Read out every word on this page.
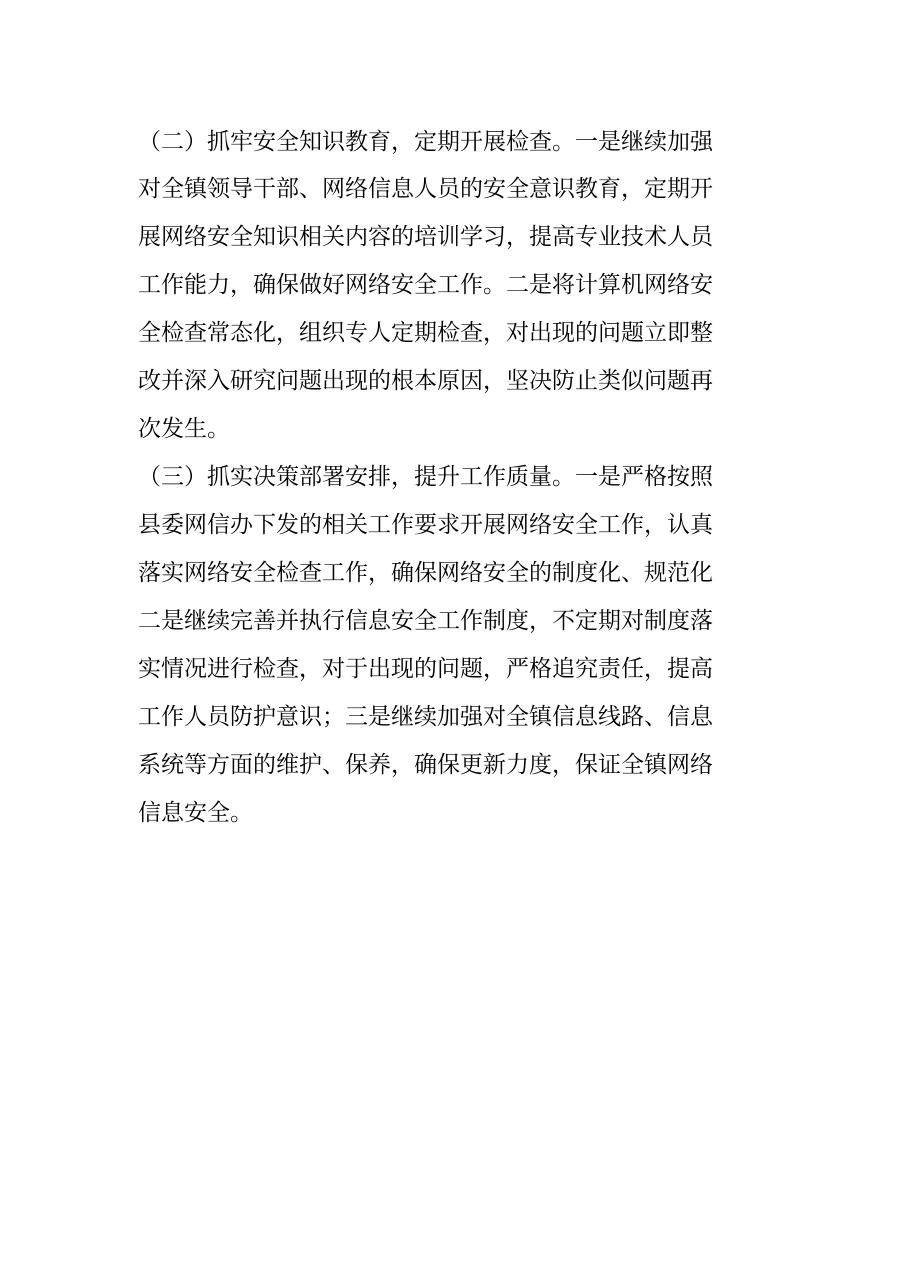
（二）抓牢安全知识教育，定期开展检查。一是继续加强
对全镇领导干部、网络信息人员的安全意识教育，定期开
展网络安全知识相关内容的培训学习，提高专业技术人员
工作能力，确保做好网络安全工作。二是将计算机网络安
全检查常态化，组织专人定期检查，对出现的问题立即整
改并深入研究问题出现的根本原因，坚决防止类似问题再
次发生。
（三）抓实决策部署安排，提升工作质量。一是严格按照
县委网信办下发的相关工作要求开展网络安全工作，认真
落实网络安全检查工作，确保网络安全的制度化、规范化
二是继续完善并执行信息安全工作制度，不定期对制度落
实情况进行检查，对于出现的问题，严格追究责任，提高
工作人员防护意识；三是继续加强对全镇信息线路、信息
系统等方面的维护、保养，确保更新力度，保证全镇网络
信息安全。
